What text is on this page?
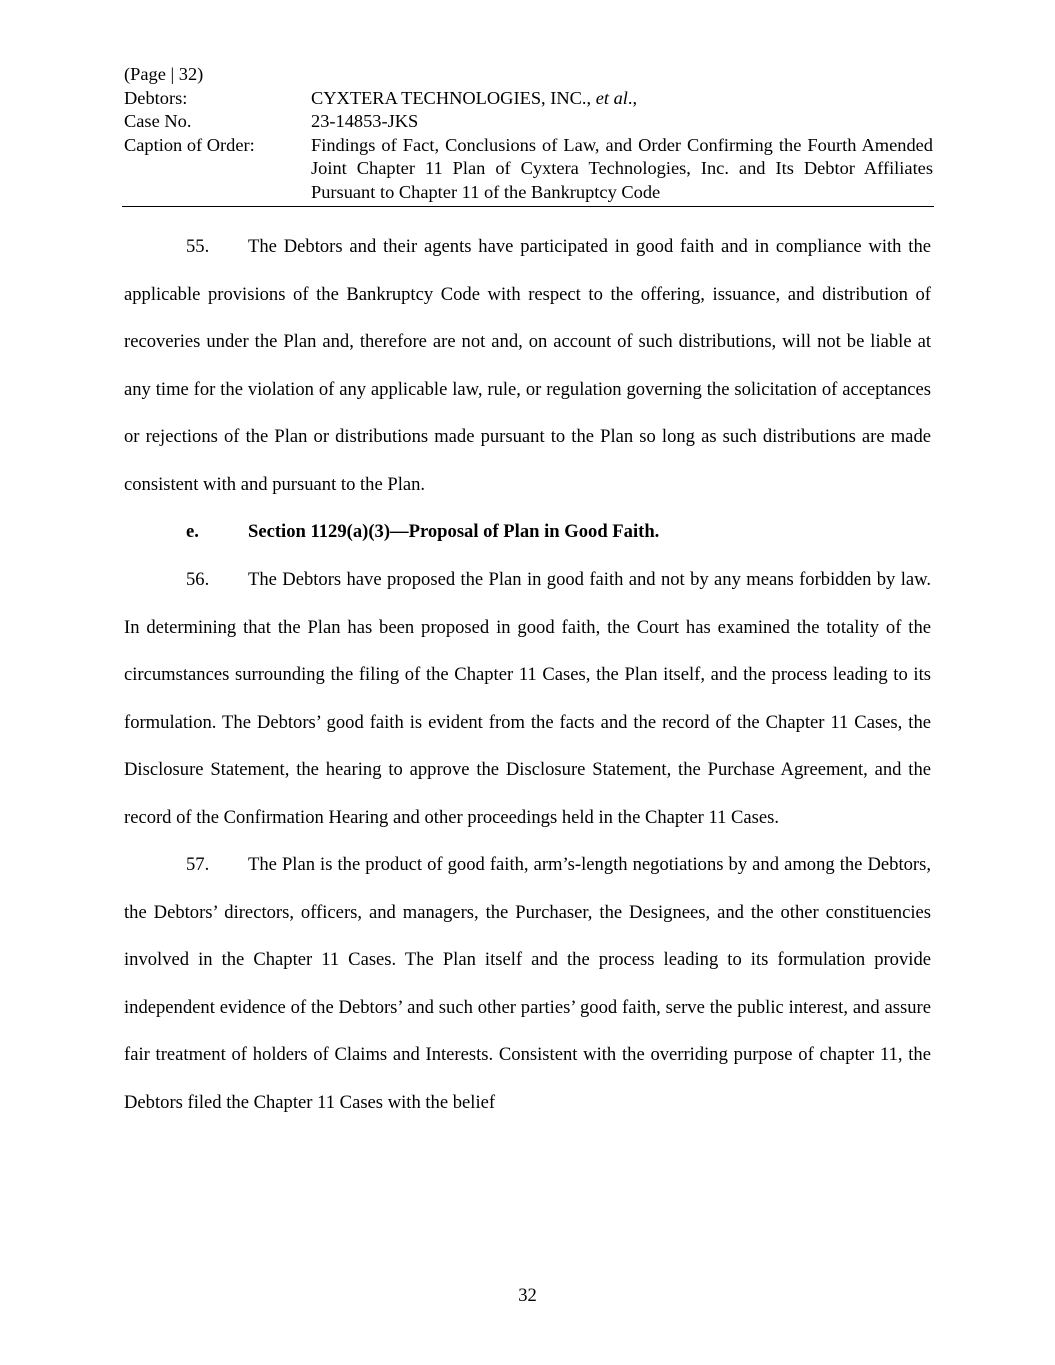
(Page | 32)
Debtors:	CYXTERA TECHNOLOGIES, INC., et al.,
Case No.	23-14853-JKS
Caption of Order:	Findings of Fact, Conclusions of Law, and Order Confirming the Fourth Amended Joint Chapter 11 Plan of Cyxtera Technologies, Inc. and Its Debtor Affiliates Pursuant to Chapter 11 of the Bankruptcy Code

55. The Debtors and their agents have participated in good faith and in compliance with the applicable provisions of the Bankruptcy Code with respect to the offering, issuance, and distribution of recoveries under the Plan and, therefore are not and, on account of such distributions, will not be liable at any time for the violation of any applicable law, rule, or regulation governing the solicitation of acceptances or rejections of the Plan or distributions made pursuant to the Plan so long as such distributions are made consistent with and pursuant to the Plan.

e.	Section 1129(a)(3)—Proposal of Plan in Good Faith.

56. The Debtors have proposed the Plan in good faith and not by any means forbidden by law. In determining that the Plan has been proposed in good faith, the Court has examined the totality of the circumstances surrounding the filing of the Chapter 11 Cases, the Plan itself, and the process leading to its formulation. The Debtors’ good faith is evident from the facts and the record of the Chapter 11 Cases, the Disclosure Statement, the hearing to approve the Disclosure Statement, the Purchase Agreement, and the record of the Confirmation Hearing and other proceedings held in the Chapter 11 Cases.

57. The Plan is the product of good faith, arm’s-length negotiations by and among the Debtors, the Debtors’ directors, officers, and managers, the Purchaser, the Designees, and the other constituencies involved in the Chapter 11 Cases. The Plan itself and the process leading to its formulation provide independent evidence of the Debtors’ and such other parties’ good faith, serve the public interest, and assure fair treatment of holders of Claims and Interests. Consistent with the overriding purpose of chapter 11, the Debtors filed the Chapter 11 Cases with the belief

32
